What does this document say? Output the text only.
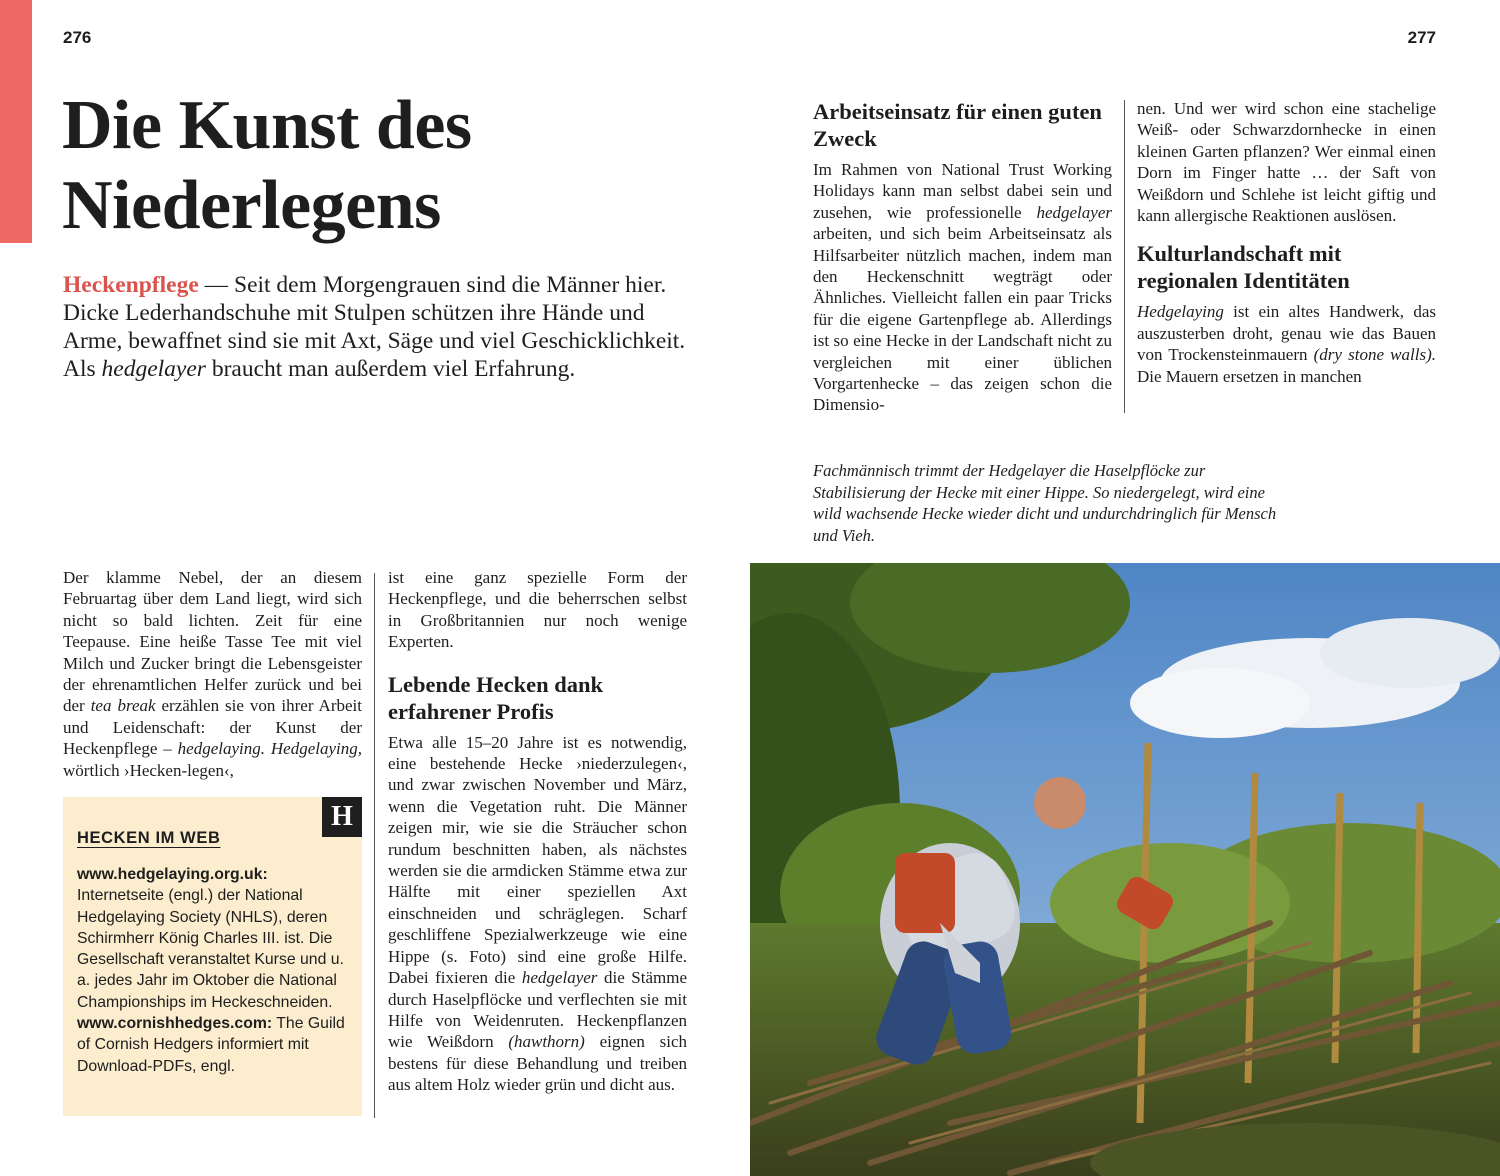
276	277
Die Kunst des
Niederlegens
Heckenpflege — Seit dem Morgengrauen sind die Männer hier. Dicke Lederhandschuhe mit Stulpen schützen ihre Hände und Arme, bewaffnet sind sie mit Axt, Säge und viel Geschicklichkeit. Als hedgelayer braucht man außerdem viel Erfahrung.

Der klamme Nebel, der an diesem Februartag über dem Land liegt, wird sich nicht so bald lichten. Zeit für eine Teepause. Eine heiße Tasse Tee mit viel Milch und Zucker bringt die Lebensgeister der ehrenamtlichen Helfer zurück und bei der tea break erzählen sie von ihrer Arbeit und Leidenschaft: der Kunst der Heckenpflege – hedgelaying. Hedgelaying, wörtlich ›Hecken-legen‹,

H
HECKEN IM WEB
www.hedgelaying.org.uk:
Internetseite (engl.) der National Hedgelaying Society (NHLS), deren Schirmherr König Charles III. ist. Die Gesellschaft veranstaltet Kurse und u. a. jedes Jahr im Oktober die National Championships im Heckeschneiden.
www.cornishhedges.com: The Guild of Cornish Hedgers informiert mit Download-PDFs, engl.

ist eine ganz spezielle Form der Heckenpflege, und die beherrschen selbst in Großbritannien nur noch wenige Experten.

Lebende Hecken dank erfahrener Profis

Etwa alle 15–20 Jahre ist es notwendig, eine bestehende Hecke ›niederzulegen‹, und zwar zwischen November und März, wenn die Vegetation ruht. Die Männer zeigen mir, wie sie die Sträucher schon rundum beschnitten haben, als nächstes werden sie die armdicken Stämme etwa zur Hälfte mit einer speziellen Axt einschneiden und schräglegen. Scharf geschliffene Spezialwerkzeuge wie eine Hippe (s. Foto) sind eine große Hilfe. Dabei fixieren die hedgelayer die Stämme durch Haselpflöcke und verflechten sie mit Hilfe von Weidenruten. Heckenpflanzen wie Weißdorn (hawthorn) eignen sich bestens für diese Behandlung und treiben aus altem Holz wieder grün und dicht aus.

Arbeitseinsatz für einen guten Zweck

Im Rahmen von National Trust Working Holidays kann man selbst dabei sein und zusehen, wie professionelle hedgelayer arbeiten, und sich beim Arbeitseinsatz als Hilfsarbeiter nützlich machen, indem man den Heckenschnitt wegträgt oder Ähnliches. Vielleicht fallen ein paar Tricks für die eigene Gartenpflege ab. Allerdings ist so eine Hecke in der Landschaft nicht zu vergleichen mit einer üblichen Vorgartenhecke – das zeigen schon die Dimensio-

nen. Und wer wird schon eine stachelige Weiß- oder Schwarzdornhecke in einen kleinen Garten pflanzen? Wer einmal einen Dorn im Finger hatte … der Saft von Weißdorn und Schlehe ist leicht giftig und kann allergische Reaktionen auslösen.

Kulturlandschaft mit regionalen Identitäten

Hedgelaying ist ein altes Handwerk, das auszusterben droht, genau wie das Bauen von Trockensteinmauern (dry stone walls). Die Mauern ersetzen in manchen

Fachmännisch trimmt der Hedgelayer die Haselpflöcke zur Stabilisierung der Hecke mit einer Hippe. So niedergelegt, wird eine wild wachsende Hecke wieder dicht und undurchdringlich für Mensch und Vieh.
